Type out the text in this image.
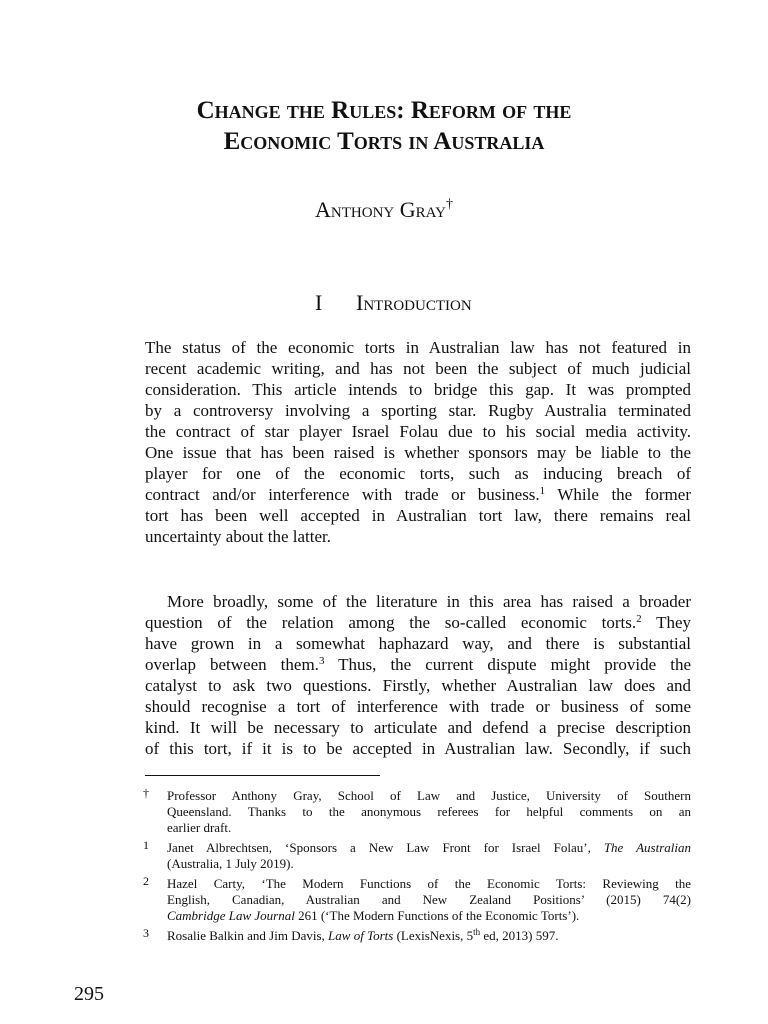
Change the Rules: Reform of the
Economic Torts in Australia
Anthony Gray†
I Introduction
The status of the economic torts in Australian law has not featured in
recent academic writing, and has not been the subject of much judicial
consideration. This article intends to bridge this gap. It was prompted
by a controversy involving a sporting star. Rugby Australia terminated
the contract of star player Israel Folau due to his social media activity.
One issue that has been raised is whether sponsors may be liable to the
player for one of the economic torts, such as inducing breach of
contract and/or interference with trade or business.$^1$ While the former
tort has been well accepted in Australian tort law, there remains real
uncertainty about the latter.
More broadly, some of the literature in this area has raised a broader
question of the relation among the so-called economic torts.$^2$ They
have grown in a somewhat haphazard way, and there is substantial
overlap between them.$^3$ Thus, the current dispute might provide the
catalyst to ask two questions. Firstly, whether Australian law does and
should recognise a tort of interference with trade or business of some
kind. It will be necessary to articulate and defend a precise description
of this tort, if it is to be accepted in Australian law. Secondly, if such
† Professor Anthony Gray, School of Law and Justice, University of Southern
Queensland. Thanks to the anonymous referees for helpful comments on an
earlier draft.
1 Janet Albrechtsen, ‘Sponsors a New Law Front for Israel Folau’, The Australian
(Australia, 1 July 2019).
2 Hazel Carty, ‘The Modern Functions of the Economic Torts: Reviewing the
English, Canadian, Australian and New Zealand Positions’ (2015) 74(2)
Cambridge Law Journal 261 (‘The Modern Functions of the Economic Torts’).
3 Rosalie Balkin and Jim Davis, Law of Torts (LexisNexis, 5th ed, 2013) 597.
295
